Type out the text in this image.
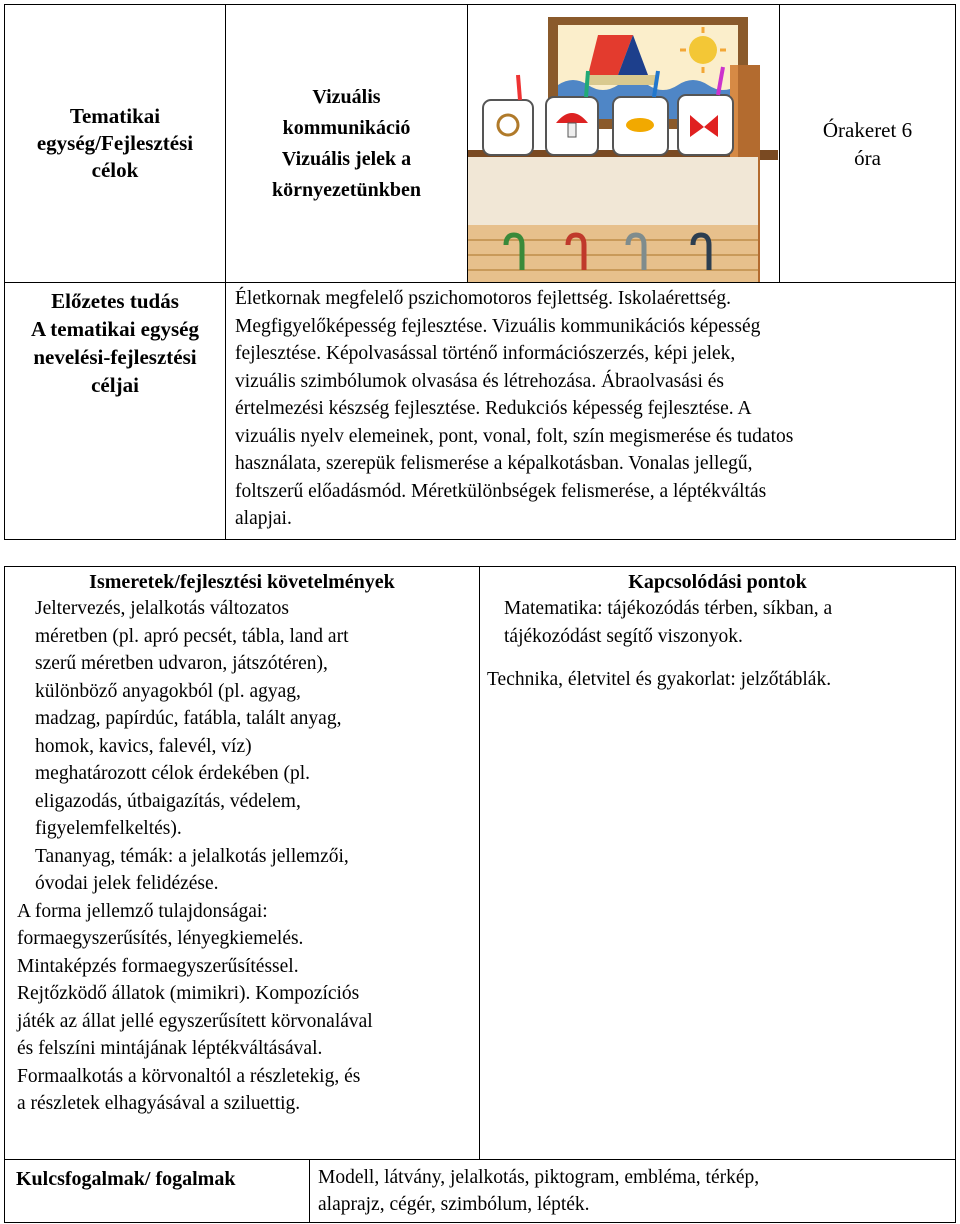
Tematikai
egység/Fejlesztési
célok
Vizuális
kommunikáció
Vizuális jelek a
környezetünkben
Órakeret 6
óra
Előzetes tudás
A tematikai egység
nevelési-fejlesztési
céljai
Életkornak megfelelő pszichomotoros fejlettség. Iskolaérettség.
Megfigyelőképesség fejlesztése. Vizuális kommunikációs képesség
fejlesztése. Képolvasással történő információszerzés, képi jelek,
vizuális szimbólumok olvasása és létrehozása. Ábraolvasási és
értelmezési készség fejlesztése. Redukciós képesség fejlesztése. A
vizuális nyelv elemeinek, pont, vonal, folt, szín megismerése és tudatos
használata, szerepük felismerése a képalkotásban. Vonalas jellegű,
foltszerű előadásmód. Méretkülönbségek felismerése, a léptékváltás
alapjai.
Ismeretek/fejlesztési követelmények
Jeltervezés, jelalkotás változatos
méretben (pl. apró pecsét, tábla, land art
szerű méretben udvaron, játszótéren),
különböző anyagokból (pl. agyag,
madzag, papírdúc, fatábla, talált anyag,
homok, kavics, falevél, víz)
meghatározott célok érdekében (pl.
eligazodás, útbaigazítás, védelem,
figyelemfelkeltés).
Tananyag, témák: a jelalkotás jellemzői,
óvodai jelek felidézése.
A forma jellemző tulajdonságai:
formaegyszerűsítés, lényegkiemelés.
Mintaképzés formaegyszerűsítéssel.
Rejtőzködő állatok (mimikri). Kompozíciós
játék az állat jellé egyszerűsített körvonalával
és felszíni mintájának léptékváltásával.
Formaalkotás a körvonaltól a részletekig, és
a részletek elhagyásával a sziluettig.
Kapcsolódási pontok
Matematika: tájékozódás térben, síkban, a
tájékozódást segítő viszonyok.
Technika, életvitel és gyakorlat: jelzőtáblák.
Kulcsfogalmak/ fogalmak	Modell, látvány, jelalkotás, piktogram, embléma, térkép,
alaprajz, cégér, szimbólum, lépték.
